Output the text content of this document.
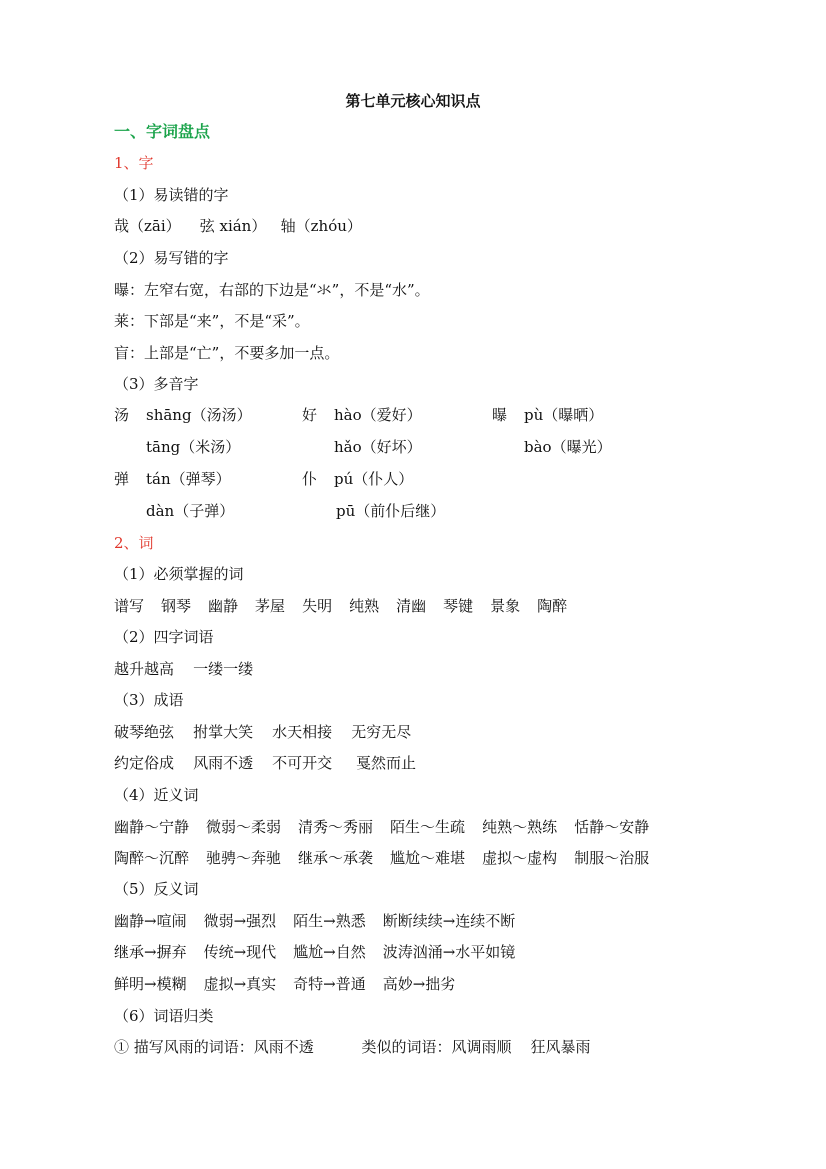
第七单元核心知识点
一、字词盘点
1、字
（1）易读错的字
哉（zāi）    弦 xián）   轴（zhóu）
（2）易写错的字
曝：左窄右宽，右部的下边是“氺”，不是“水”。
莱：下部是“来”，不是“采”。
盲：上部是“亡”，不要多加一点。
（3）多音字
汤 shāng（汤汤）	好 hào（爱好）	曝 pù（曝晒）
tāng（米汤）	hǎo（好坏）	bào（曝光）
弹 tán（弹琴）	仆 pú（仆人）
dàn（子弹）	pū（前仆后继）
2、词
（1）必须掌握的词
谱写 钢琴 幽静 茅屋 失明 纯熟 清幽 琴键 景象 陶醉
（2）四字词语
越升越高    一缕一缕
（3）成语
破琴绝弦    拊掌大笑    水天相接    无穷无尽
约定俗成    风雨不透    不可开交     戛然而止
（4）近义词
幽静～宁静 微弱～柔弱 清秀～秀丽 陌生～生疏 纯熟～熟练 恬静～安静
陶醉～沉醉 驰骋～奔驰 继承～承袭 尴尬～难堪 虚拟～虚构 制服～治服
（5）反义词
幽静→喧闹 微弱→强烈 陌生→熟悉 断断续续→连续不断
继承→摒弃 传统→现代 尴尬→自然 波涛汹涌→水平如镜
鲜明→模糊 虚拟→真实 奇特→普通 高妙→拙劣
（6）词语归类
① 描写风雨的词语：风雨不透          类似的词语：风调雨顺    狂风暴雨
